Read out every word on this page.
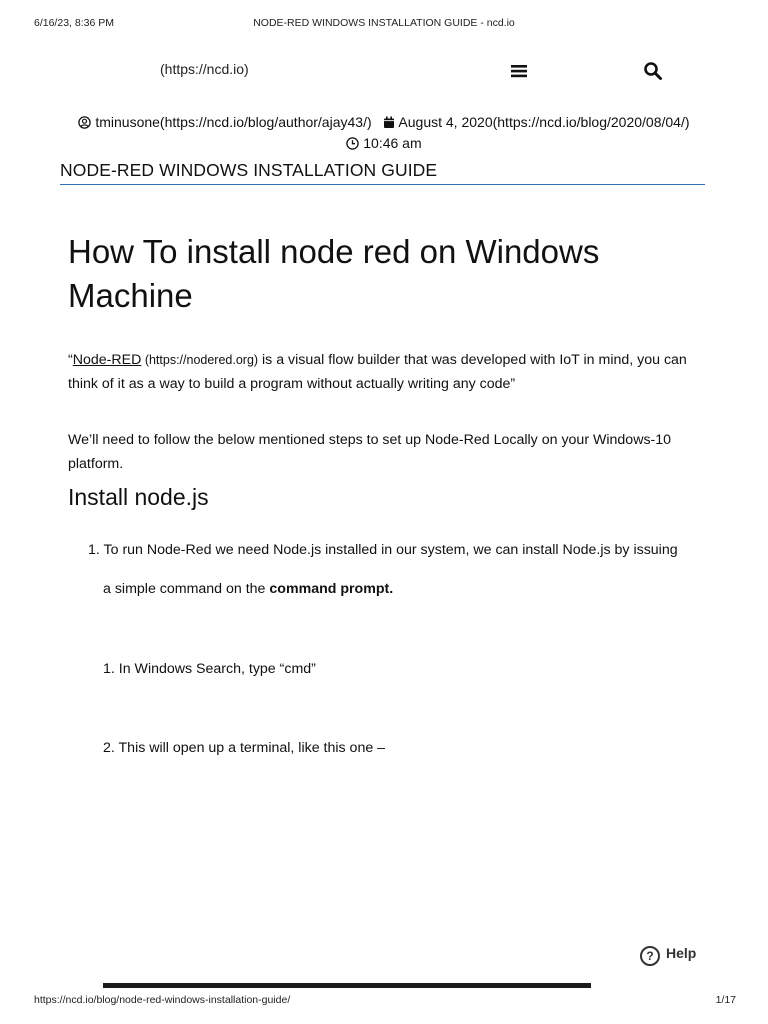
6/16/23, 8:36 PM	NODE-RED WINDOWS INSTALLATION GUIDE - ncd.io
(https://ncd.io)
tminusone(https://ncd.io/blog/author/ajay43/) August 4, 2020(https://ncd.io/blog/2020/08/04/)
10:46 am
NODE-RED WINDOWS INSTALLATION GUIDE
How To install node red on Windows Machine
“Node-RED (https://nodered.org) is a visual flow builder that was developed with IoT in mind, you can think of it as a way to build a program without actually writing any code”
We’ll need to follow the below mentioned steps to set up Node-Red Locally on your Windows-10 platform.
Install node.js
1. To run Node-Red we need Node.js installed in our system, we can install Node.js by issuing
a simple command on the command prompt.
1. In Windows Search, type “cmd”
2. This will open up a terminal, like this one –
? Help
https://ncd.io/blog/node-red-windows-installation-guide/	1/17
